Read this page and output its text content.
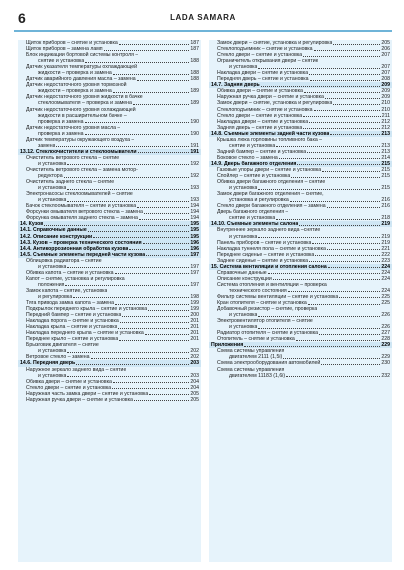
6	LADA SAMARA
Щиток приборов – снятие и установка	187
Щиток приборов – замена ламп	187
Блок индикации бортовой системы контроля –
снятие и установка	188
Датчик указателя температуры охлаждающей
жидкости – проверка и замена	188
Датчик аварийного давления масла – замена	188
Датчик недостаточного уровня тормозной
жидкости – проверка и замена	189
Датчик недостаточного уровня жидкости в бачке
стеклоомывателя – проверка и замена	189
Датчик недостаточного уровня охлаждающей
жидкости в расширительном бачке –
проверка и замена	190
Датчик недостаточного уровня масла –
проверка и замена	190
Датчик температуры окружающего воздуха –
замена	191
13.12. Стеклоочистители и стеклоомыватели	191
Очиститель ветрового стекла – снятие
и установка	192
Очиститель ветрового стекла – замена мотор-
редуктора	192
Очиститель заднего стекла – снятие
и установка	193
Электронасосы стеклоомывателей – снятие
и установка	193
Бачок стеклоомывателя – снятие и установка	194
Форсунки омывателя ветрового стекла – замена	194
Форсунка омывателя заднего стекла – замена	194
14. Кузов	195
14.1. Справочные данные	195
14.2. Описание конструкции	195
14.3. Кузов – проверка технического состояния	196
14.4. Антикоррозионная обработка кузова	196
14.5. Съемные элементы передней части кузова	197
Облицовка радиатора – снятие
и установка	197
Обивка капота – снятие и установка	197
Капот – снятие, установка и регулировка
положения	197
Замок капота – снятие, установка
и регулировка	198
Тяга привода замка капота – замена	199
Подкрылок переднего крыла – снятие и установка	199
Передний бампер – снятие и установка	200
Накладка порога – снятие и установка	201
Накладка крыла – снятие и установка	201
Накладка переднего крыла – снятие и установка	201
Переднее крыло – снятие и установка	201
Брызговик двигателя – снятие
и установка	202
Ветровое стекло – замена	202
14.6. Передняя дверь	203
Наружное зеркало заднего вида – снятие
и установка	203
Обивка двери – снятие и установка	204
Стекло двери – снятие и установка	204
Наружная часть замка двери – снятие и установка	205
Наружная ручка двери – снятие и установка	205
Замок двери – снятие, установка и регулировка	205
Стеклоподъемник – снятие и установка	206
Стекло двери – снятие и установка	207
Ограничитель открывания двери – снятие
и установка	207
Накладка двери – снятие и установка	207
Передняя дверь – снятие и установка	208
14.7. Задняя дверь	209
Обивка двери – снятие и установка	209
Наружная ручка двери – снятие и установка	209
Замок двери – снятие, установка и регулировка	210
Стеклоподъемник – снятие и установка	210
Стекло двери – снятие и установка	211
Накладка двери – снятие и установка	212
Задняя дверь – снятие и установка	212
14.8. Съемные элементы задней части кузова	213
Крышка люка горловины топливного бака –
снятие и установка	213
Задний бампер – снятие и установка	213
Боковое стекло – замена	214
14.9. Дверь багажного отделения	215
Газовые упоры двери – снятие и установка	215
Спойлер – снятие и установка	215
Обивка двери багажного отделения – снятие
и установка	215
Замок двери багажного отделения – снятие,
установка и регулировка	216
Стекло двери багажного отделения – замена	216
Дверь багажного отделения –
снятие и установка	218
14.10. Съемные элементы салона	219
Внутреннее зеркало заднего вида –снятие
и установка	219
Панель приборов – снятие и установка	219
Накладка туннеля пола – снятие и установка	221
Переднее сиденье – снятие и установка	222
Заднее сиденье – снятие и установка	223
15. Система вентиляции и отопления салона	224
Справочные данные	224
Описание конструкции	224
Система отопления и вентиляции – проверка
технического состояния	224
Фильтр системы вентиляции – снятие и установка	225
Кран отопителя – снятие и установка	225
Добавочный резистор – снятие, проверка
и установка	226
Электровентилятор отопителя – снятие
и установка	226
Радиатор отопителя – снятие и установка	227
Отопитель – снятие и установка	228
Приложения	229
Схема системы управления
двигателем 2111 (1,5i)	229
Схема электрооборудования автомобилей	230
Схема системы управления
двигателем 11183 (1,6i)	232
